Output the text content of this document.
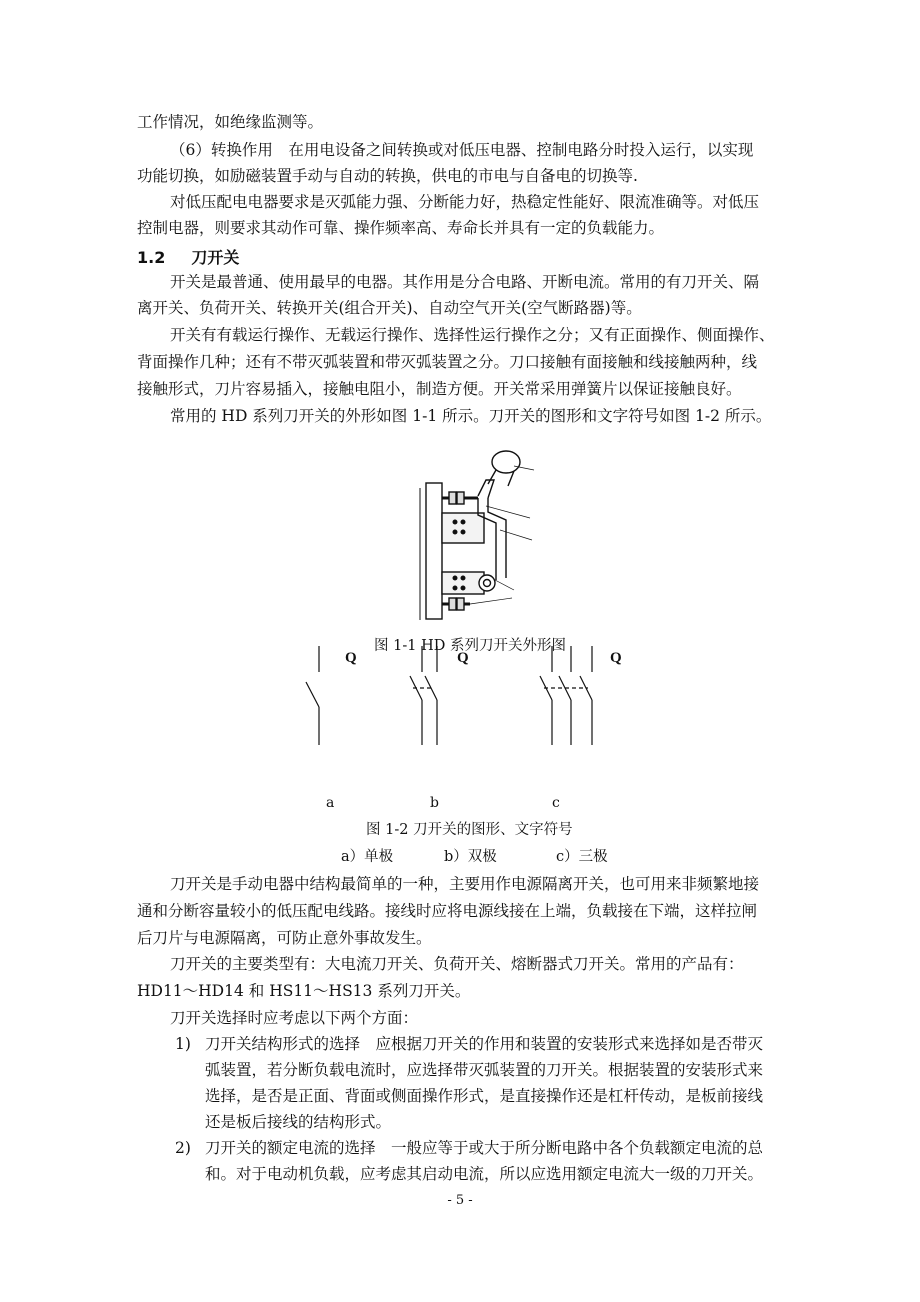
工作情况，如绝缘监测等。
（6）转换作用　在用电设备之间转换或对低压电器、控制电路分时投入运行，以实现
功能切换，如励磁装置手动与自动的转换，供电的市电与自备电的切换等.
对低压配电电器要求是灭弧能力强、分断能力好，热稳定性能好、限流准确等。对低压
控制电器，则要求其动作可靠、操作频率高、寿命长并具有一定的负载能力。
1.2 刀开关
开关是最普通、使用最早的电器。其作用是分合电路、开断电流。常用的有刀开关、隔
离开关、负荷开关、转换开关(组合开关)、自动空气开关(空气断路器)等。
开关有有载运行操作、无载运行操作、选择性运行操作之分；又有正面操作、侧面操作、
背面操作几种；还有不带灭弧装置和带灭弧装置之分。刀口接触有面接触和线接触两种，线
接触形式，刀片容易插入，接触电阻小，制造方便。开关常采用弹簧片以保证接触良好。
常用的 HD 系列刀开关的外形如图 1-1 所示。刀开关的图形和文字符号如图 1-2 所示。
图 1-1 HD 系列刀开关外形图
Q	Q	Q
a	b	c
图 1-2 刀开关的图形、文字符号
a）单极	b）双极	c）三极
刀开关是手动电器中结构最简单的一种，主要用作电源隔离开关，也可用来非频繁地接
通和分断容量较小的低压配电线路。接线时应将电源线接在上端，负载接在下端，这样拉闸
后刀片与电源隔离，可防止意外事故发生。
刀开关的主要类型有：大电流刀开关、负荷开关、熔断器式刀开关。常用的产品有：
HD11～HD14 和 HS11～HS13 系列刀开关。
刀开关选择时应考虑以下两个方面：
1) 刀开关结构形式的选择　应根据刀开关的作用和装置的安装形式来选择如是否带灭
弧装置，若分断负载电流时，应选择带灭弧装置的刀开关。根据装置的安装形式来
选择，是否是正面、背面或侧面操作形式，是直接操作还是杠杆传动，是板前接线
还是板后接线的结构形式。
2) 刀开关的额定电流的选择　一般应等于或大于所分断电路中各个负载额定电流的总
和。对于电动机负载，应考虑其启动电流，所以应选用额定电流大一级的刀开关。
- 5 -
